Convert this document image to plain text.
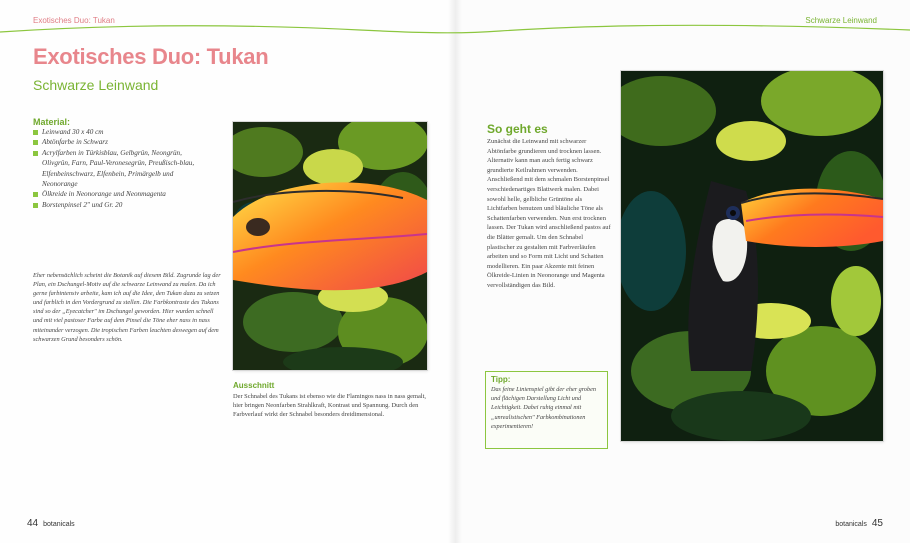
Exotisches Duo: Tukan	Schwarze Leinwand
Exotisches Duo: Tukan
Schwarze Leinwand
Material:
Leinwand 30 x 40 cm
Abtönfarbe in Schwarz
Acrylfarben in Türkisblau, Gelbgrün, Neongrün, Olivgrün, Farn, Paul-Veronesegrün, Preußisch-blau, Elfenbeinschwarz, Elfenbein, Primärgelb und Neonorange
Ölkreide in Neonorange und Neonmagenta
Borstenpinsel 2" und Gr. 20
Eher nebensächlich scheint die Botanik auf diesem Bild. Zugrunde lag der Plan, ein Dschungel-Motiv auf die schwarze Leinwand zu malen. Da ich gerne farbintensiv arbeite, kam ich auf die Idee, den Tukan dazu zu setzen und farblich in den Vordergrund zu stellen. Die Farbkontraste des Tukans sind so der „Eyecatcher" im Dschungel geworden. Hier wurden schnell und mit viel pastoser Farbe auf dem Pinsel die Töne eher nass in nass miteinander verzogen. Die tropischen Farben leuchten deswegen auf dem schwarzen Grund besonders schön.
Ausschnitt
Der Schnabel des Tukans ist ebenso wie die Flamingos nass in nass gemalt, hier bringen Neonfarben Strahlkraft, Kontrast und Spannung. Durch den Farbverlauf wirkt der Schnabel besonders dreidimensional.
So geht es
Zunächst die Leinwand mit schwarzer Abtönfarbe grundieren und trocknen lassen. Alternativ kann man auch fertig schwarz grundierte Keilrahmen verwenden. Anschließend mit dem schmalen Borstenpinsel verschiedenartiges Blattwerk malen. Dabei sowohl helle, gelbliche Grüntöne als Lichtfarben benutzen und bläuliche Töne als Schattenfarben verwenden. Nun erst trocknen lassen. Der Tukan wird anschließend pastos auf die Blätter gemalt. Um den Schnabel plastischer zu gestalten mit Farbverläufen arbeiten und so Form mit Licht und Schatten modellieren. Ein paar Akzente mit feinen Ölkreide-Linien in Neonorange und Magenta vervollständigen das Bild.
Tipp:
Das feine Linienspiel gibt der eher groben und flächigen Darstellung Licht und Leichtigkeit. Dabei ruhig einmal mit „unrealistischen" Farbkombinationen experimentieren!
44 botanicals	botanicals 45
